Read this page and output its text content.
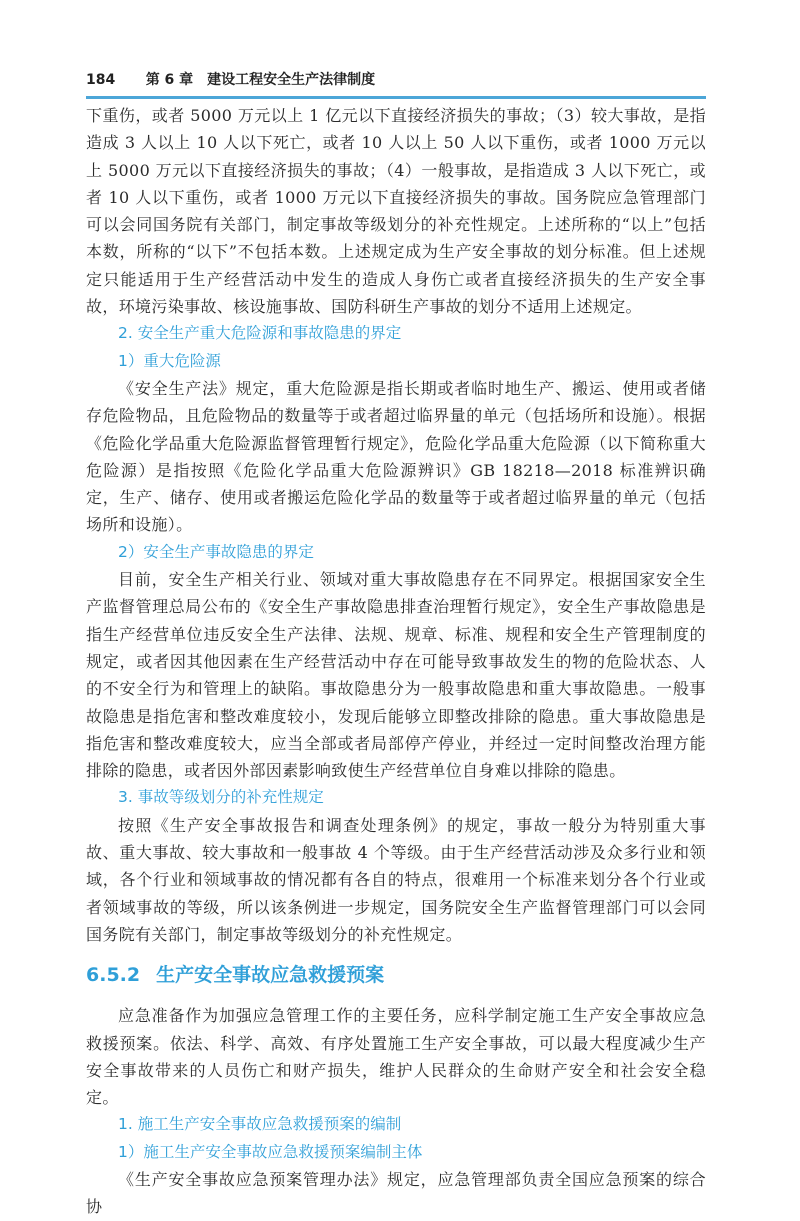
184 第 6 章　建设工程安全生产法律制度

下重伤，或者 5000 万元以上 1 亿元以下直接经济损失的事故；（3）较大事故，是指造成 3 人以上 10 人以下死亡，或者 10 人以上 50 人以下重伤，或者 1000 万元以上 5000 万元以下直接经济损失的事故；（4）一般事故，是指造成 3 人以下死亡，或者 10 人以下重伤，或者 1000 万元以下直接经济损失的事故。国务院应急管理部门可以会同国务院有关部门，制定事故等级划分的补充性规定。上述所称的“以上”包括本数，所称的“以下”不包括本数。上述规定成为生产安全事故的划分标准。但上述规定只能适用于生产经营活动中发生的造成人身伤亡或者直接经济损失的生产安全事故，环境污染事故、核设施事故、国防科研生产事故的划分不适用上述规定。

2. 安全生产重大危险源和事故隐患的界定
1）重大危险源

《安全生产法》规定，重大危险源是指长期或者临时地生产、搬运、使用或者储存危险物品，且危险物品的数量等于或者超过临界量的单元（包括场所和设施）。根据《危险化学品重大危险源监督管理暂行规定》，危险化学品重大危险源（以下简称重大危险源）是指按照《危险化学品重大危险源辨识》GB 18218—2018 标准辨识确定，生产、储存、使用或者搬运危险化学品的数量等于或者超过临界量的单元（包括场所和设施）。

2）安全生产事故隐患的界定

目前，安全生产相关行业、领域对重大事故隐患存在不同界定。根据国家安全生产监督管理总局公布的《安全生产事故隐患排查治理暂行规定》，安全生产事故隐患是指生产经营单位违反安全生产法律、法规、规章、标准、规程和安全生产管理制度的规定，或者因其他因素在生产经营活动中存在可能导致事故发生的物的危险状态、人的不安全行为和管理上的缺陷。事故隐患分为一般事故隐患和重大事故隐患。一般事故隐患是指危害和整改难度较小，发现后能够立即整改排除的隐患。重大事故隐患是指危害和整改难度较大，应当全部或者局部停产停业，并经过一定时间整改治理方能排除的隐患，或者因外部因素影响致使生产经营单位自身难以排除的隐患。

3. 事故等级划分的补充性规定

按照《生产安全事故报告和调查处理条例》的规定，事故一般分为特别重大事故、重大事故、较大事故和一般事故 4 个等级。由于生产经营活动涉及众多行业和领域，各个行业和领域事故的情况都有各自的特点，很难用一个标准来划分各个行业或者领域事故的等级，所以该条例进一步规定，国务院安全生产监督管理部门可以会同国务院有关部门，制定事故等级划分的补充性规定。

6.5.2 生产安全事故应急救援预案

应急准备作为加强应急管理工作的主要任务，应科学制定施工生产安全事故应急救援预案。依法、科学、高效、有序处置施工生产安全事故，可以最大程度减少生产安全事故带来的人员伤亡和财产损失，维护人民群众的生命财产安全和社会安全稳定。

1. 施工生产安全事故应急救援预案的编制
1）施工生产安全事故应急救援预案编制主体

《生产安全事故应急预案管理办法》规定，应急管理部负责全国应急预案的综合协
